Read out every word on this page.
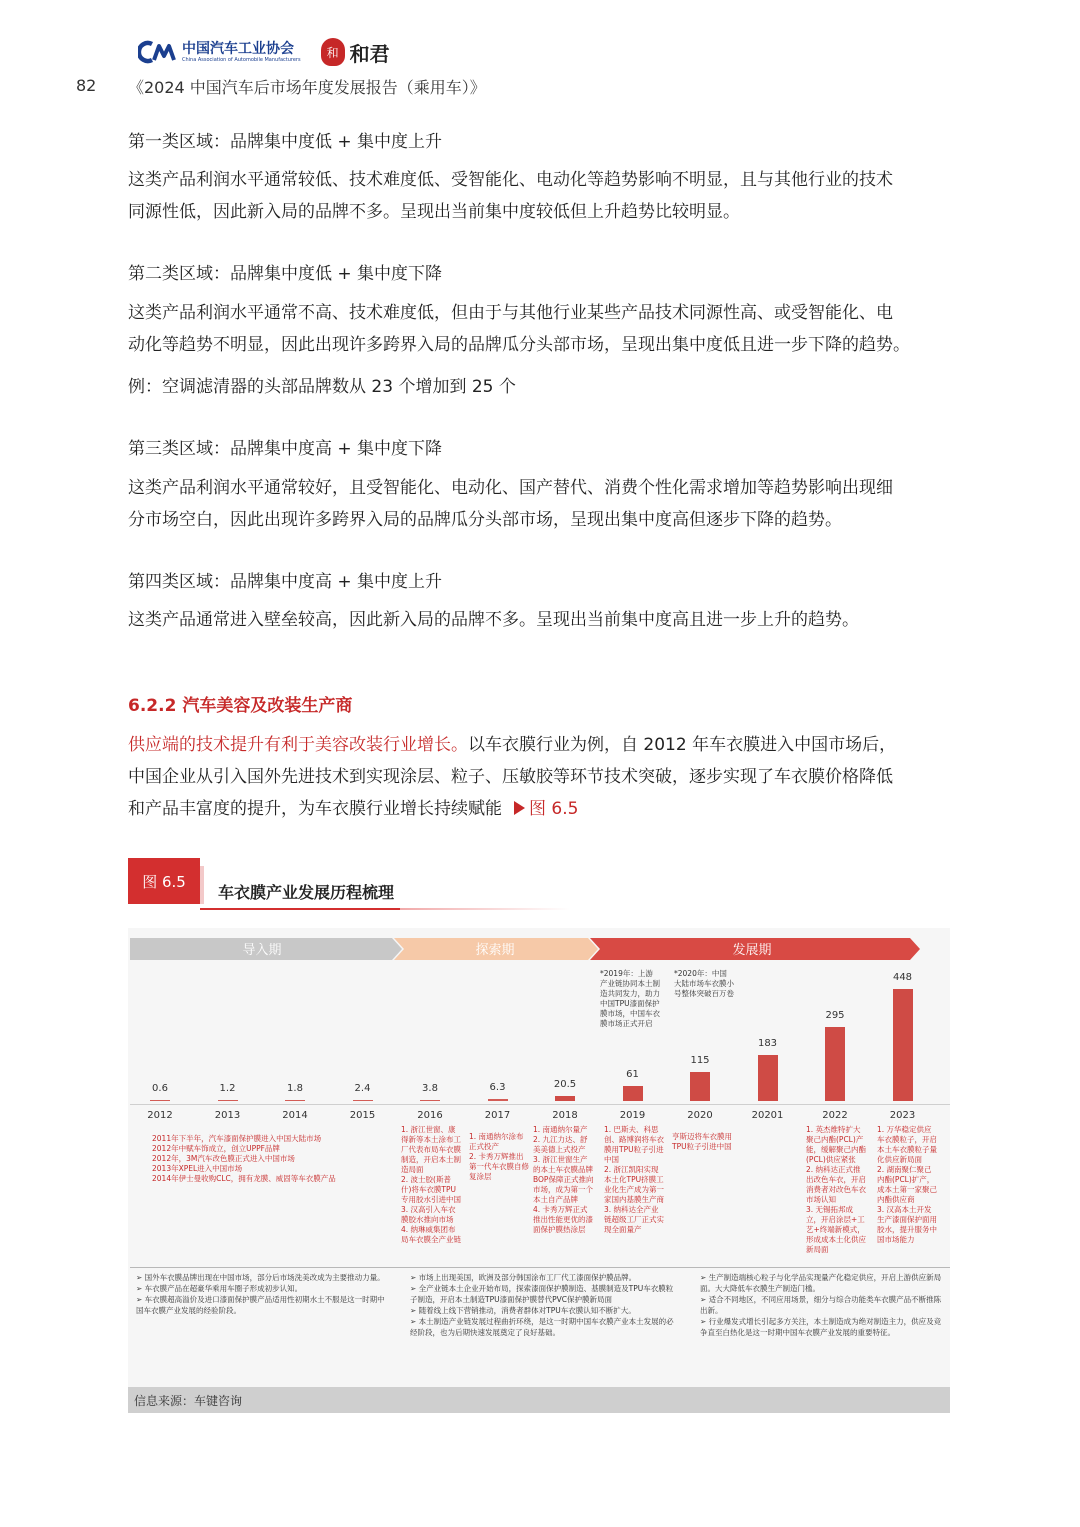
中国汽车工业协会
China Association of Automobile Manufacturers	和 和君
82 《2024 中国汽车后市场年度发展报告（乘用车）》
第一类区域：品牌集中度低 + 集中度上升
这类产品利润水平通常较低、技术难度低、受智能化、电动化等趋势影响不明显，且与其他行业的技术
同源性低，因此新入局的品牌不多。呈现出当前集中度较低但上升趋势比较明显。
第二类区域：品牌集中度低 + 集中度下降
这类产品利润水平通常不高、技术难度低，但由于与其他行业某些产品技术同源性高、或受智能化、电
动化等趋势不明显，因此出现许多跨界入局的品牌瓜分头部市场，呈现出集中度低且进一步下降的趋势。
例：空调滤清器的头部品牌数从 23 个增加到 25 个
第三类区域：品牌集中度高 + 集中度下降
这类产品利润水平通常较好，且受智能化、电动化、国产替代、消费个性化需求增加等趋势影响出现细
分市场空白，因此出现许多跨界入局的品牌瓜分头部市场，呈现出集中度高但逐步下降的趋势。
第四类区域：品牌集中度高 + 集中度上升
这类产品通常进入壁垒较高，因此新入局的品牌不多。呈现出当前集中度高且进一步上升的趋势。
6.2.2 汽车美容及改装生产商
供应端的技术提升有利于美容改装行业增长。以车衣膜行业为例，自 2012 年车衣膜进入中国市场后，
中国企业从引入国外先进技术到实现涂层、粒子、压敏胶等环节技术突破，逐步实现了车衣膜价格降低
和产品丰富度的提升，为车衣膜行业增长持续赋能 图 6.5
图 6.5
车衣膜产业发展历程梳理
导入期	探索期	发展期
0.6
2012
1.2
2013
1.8
2014
2.4
2015
3.8
2016
6.3
2017
20.5
2018
61
2019
115
2020
183
20201
295
2022
448
2023
*2019年：上游产业链协同本土制造共同发力，助力中国TPU漆面保护膜市场，中国车衣膜市场正式开启
*2020年：中国大陆市场车衣膜小号整体突破百万卷
2011年下半年，汽车漆面保护膜进入中国大陆市场
2012年中赋车饰成立，创立UPPF品牌
2012年，3M汽车改色膜正式进入中国市场
2013年XPEL进入中国市场
2014年伊士曼收购CLC，拥有龙膜、威固等车衣膜产品
1. 浙江世窗、康得新等本土涂布工厂代表布局车衣膜制造，开启本土制造局面
2. 波士胶(斯普什)将车衣膜TPU专用胶水引进中国
3. 汉高引入车衣膜胶水推向市场
4. 纳琳威集团布局车衣膜全产业链
1. 南通纳尔涂布正式投产
2. 卡秀万辉推出第一代车衣膜自修复涂层
1. 南通纳尔量产
2. 九江力达、舒美美德上式投产
3. 浙江世窗生产的本土车衣膜品牌BOP保障正式推向市场，成为第一个本土自产品牌
4. 卡秀万辉正式推出性能更优的漆面保护膜热涂层
1. 巴斯夫、科思创、路博润将车衣膜用TPU粒子引进中国
2. 浙江凯阳实现本土化TPU挤膜工业化生产成为第一家国内基膜生产商
3. 纳科达全产业链超级工厂正式实现全面量产
亨斯迈将车衣膜用TPU粒子引进中国
1. 英杰维特扩大聚己内酯(PCL)产能，缓解聚己内酯(PCL)供应紧张
2. 纳科达正式推出改色车衣，开启消费者对改色车衣市场认知
3. 无锡拓邦成立，开启涂层+工艺+终端新模式，形成成本土化供应新局面
1. 万华稳定供应车衣膜粒子，开启本土车衣膜粒子量化供应新局面
2. 湖南聚仁聚己内酯(PCL)扩产，成本土第一家聚己内酯供应商
3. 汉高本土开发生产漆面保护面用胶水，提升服务中国市场能力
➢ 国外车衣膜品牌出现在中国市场，部分后市场洗美改成为主要推动力量。
➢ 车衣膜产品在超豪华乘用车圈子形成初步认知。
➢ 车衣膜超高溢价及进口漆面保护膜产品适用性初期水土不服是这一时期中国车衣膜产业发展的经验阶段。
➢ 市场上出现美国，欧洲及部分韩国涂布工厂代工漆面保护膜品牌。
➢ 全产业链本土企业开始布局，探索漆面保护膜制造、基膜制造及TPU车衣膜粒子制造，开启本土制造TPU漆面保护膜替代PVC保护膜新局面
➢ 随着线上线下营销推动，消费者群体对TPU车衣膜认知不断扩大。
➢ 本土制造产业链发展过程曲折环绕，是这一时期中国车衣膜产业本土发展的必经阶段，也为后期快速发展奠定了良好基础。
➢ 生产制造端核心粒子与化学品实现量产化稳定供应，开启上游供应新局面。大大降低车衣膜生产制造门槛。
➢ 适合不同地区，不同应用场景，细分与综合功能类车衣膜产品不断推陈出新。
➢ 行业爆发式增长引起多方关注，本土制造成为绝对制造主力，供应及竞争直至白热化是这一时期中国车衣膜产业发展的重要特征。
信息来源：车键咨询
